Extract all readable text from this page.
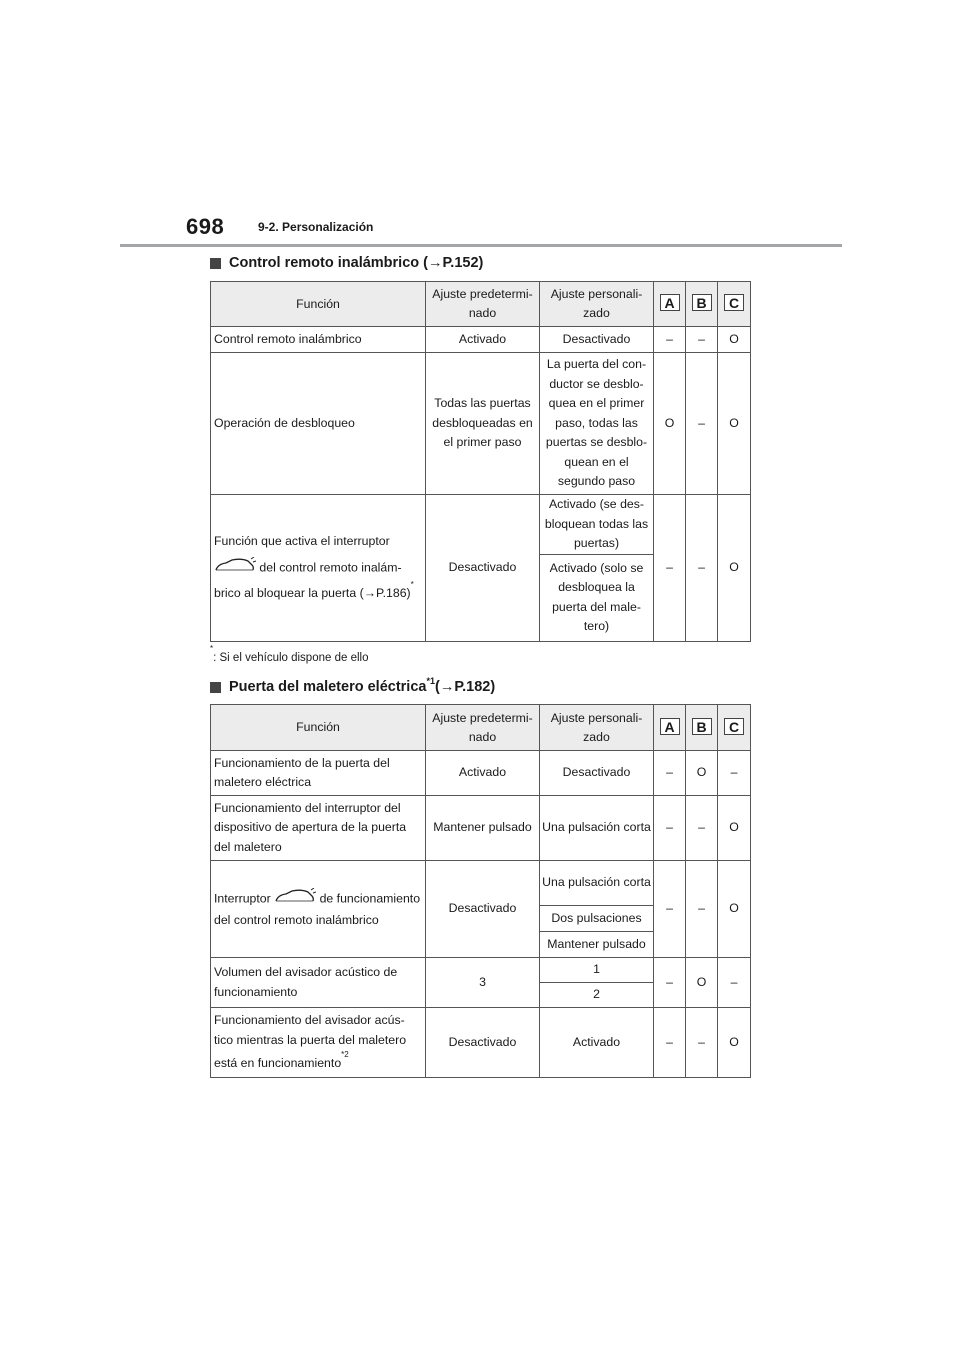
698	9-2. Personalización
Control remoto inalámbrico ( → P.152)
Función	Ajuste predetermi-nado	Ajuste personali-zado	A	B	C
Control remoto inalámbrico	Activado	Desactivado	–	–	O
Operación de desbloqueo	Todas las puertas desbloqueadas en el primer paso	La puerta del con-ductor se desblo-quea en el primer paso, todas las puertas se desblo-quean en el segundo paso	O	–	O

Función que activa el interruptor
del control remoto inalám-brico al bloquear la puerta (→P.186)*	Desactivado	Activado (se des-bloquean todas las puertas)	–	–	O
		Activado (solo se desbloquea la puerta del male-tero)			
*: Si el vehículo dispone de ello
Puerta del maletero eléctrica$^{*1}$ ( → P.182)
Función	Ajuste predetermi-nado	Ajuste personali-zado	A	B	C
Funcionamiento de la puerta del maletero eléctrica	Activado	Desactivado	–	O	–
Funcionamiento del interruptor del dispositivo de apertura de la puerta del maletero	Mantener pulsado	Una pulsación corta	–	–	O
Interruptor de funcionamiento del control remoto inalámbrico	Desactivado	Una pulsación corta	–	–	O
		Dos pulsaciones			
		Mantener pulsado			
Volumen del avisador acústico de funcionamiento	3	1	–	O	–
		2			
Funcionamiento del avisador acús-tico mientras la puerta del maletero está en funcionamiento$^{*2}$	Desactivado	Activado	–	–	O
